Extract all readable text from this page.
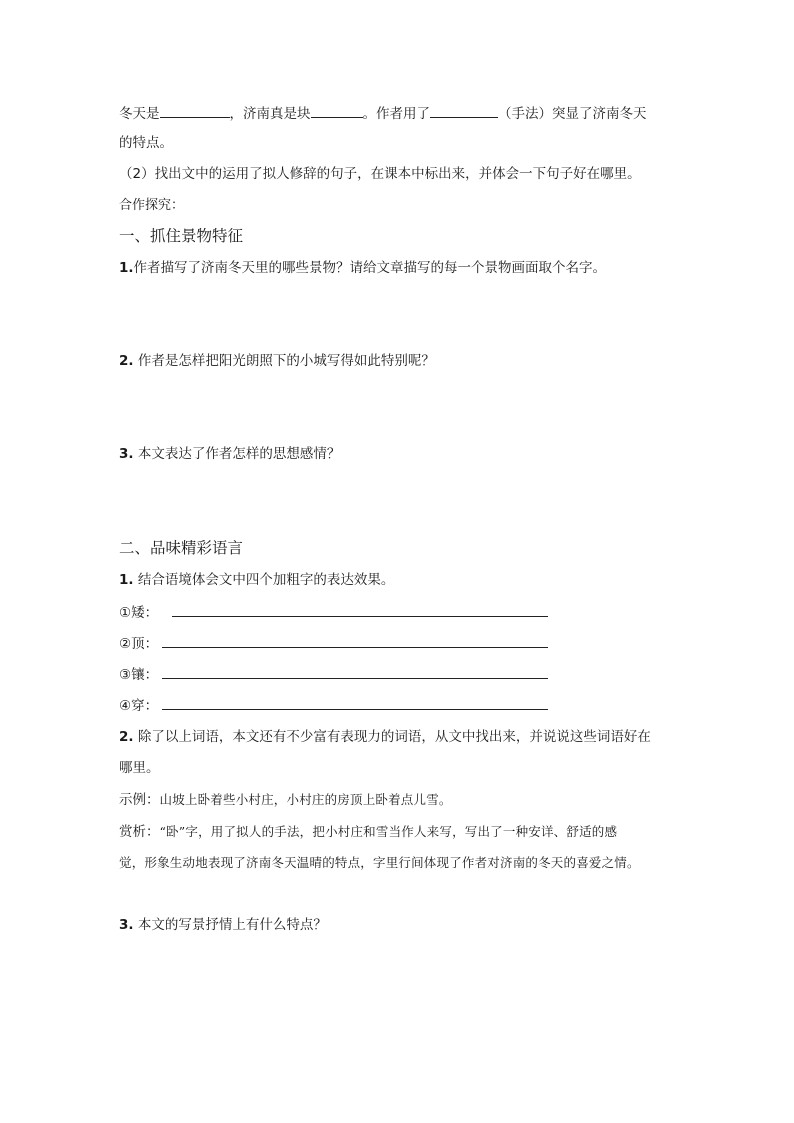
冬天是	，济南真是块	。作者用了	（手法）突显了济南冬天
的特点。
（2）找出文中的运用了拟人修辞的句子，在课本中标出来，并体会一下句子好在哪里。
合作探究：
一、抓住景物特征
1.作者描写了济南冬天里的哪些景物？请给文章描写的每一个景物画面取个名字。
2. 作者是怎样把阳光朗照下的小城写得如此特别呢？
3. 本文表达了作者怎样的思想感情？
二、品味精彩语言
1. 结合语境体会文中四个加粗字的表达效果。
①矮：
②顶：
③镶：
④穿：
2. 除了以上词语，本文还有不少富有表现力的词语，从文中找出来，并说说这些词语好在
哪里。
示例：山坡上卧着些小村庄，小村庄的房顶上卧着点儿雪。
赏析：“卧”字，用了拟人的手法，把小村庄和雪当作人来写，写出了一种安详、舒适的感
觉，形象生动地表现了济南冬天温晴的特点，字里行间体现了作者对济南的冬天的喜爱之情。
3. 本文的写景抒情上有什么特点？
